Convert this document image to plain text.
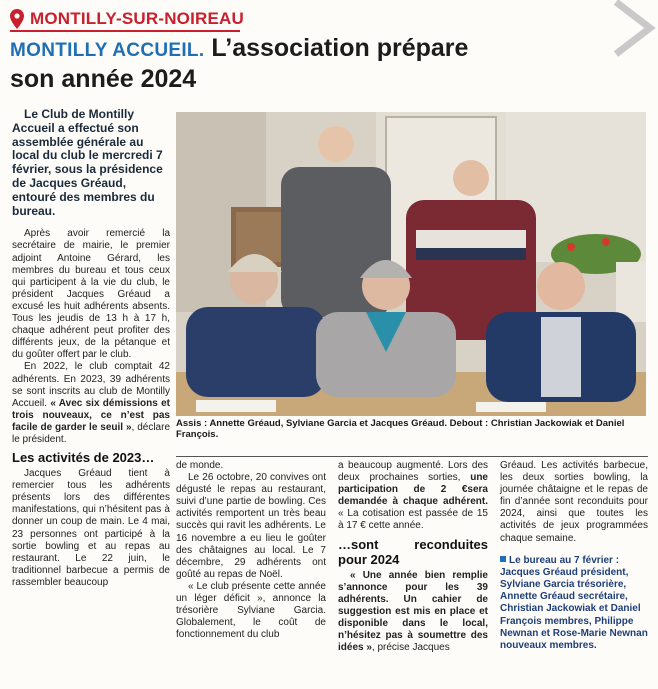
MONTILLY-SUR-NOIREAU
MONTILLY ACCUEIL. L’association prépare
son année 2024

Le Club de Montilly Accueil a effectué son assemblée générale au local du club le mercredi 7 février, sous la présidence de Jacques Gréaud, entouré des membres du bureau.

Après avoir remercié la secrétaire de mairie, le premier adjoint Antoine Gérard, les membres du bureau et tous ceux qui participent à la vie du club, le président Jacques Gréaud a excusé les huit adhérents absents. Tous les jeudis de 13 h à 17 h, chaque adhérent peut profiter des différents jeux, de la pétanque et du goûter offert par le club.

En 2022, le club comptait 42 adhérents. En 2023, 39 adhérents se sont inscrits au club de Montilly Accueil. « Avec six démissions et trois nouveaux, ce n’est pas facile de garder le seuil », déclare le président.

Les activités de 2023…

Jacques Gréaud tient à remercier tous les adhérents présents lors des différentes manifestations, qui n’hésitent pas à donner un coup de main. Le 4 mai, 23 personnes ont participé à la sortie bowling et au repas au restaurant. Le 22 juin, le traditionnel barbecue a permis de rassembler beaucoup

Assis : Annette Gréaud, Sylviane Garcia et Jacques Gréaud. Debout : Christian Jackowiak et Daniel François.

de monde.

Le 26 octobre, 20 convives ont dégusté le repas au restaurant, suivi d’une partie de bowling. Ces activités remportent un très beau succès qui ravit les adhérents. Le 16 novembre a eu lieu le goûter des châtaignes au local. Le 7 décembre, 29 adhérents ont goûté au repas de Noël.

« Le club présente cette année un léger déficit », annonce la trésorière Sylviane Garcia. Globalement, le coût de fonctionnement du club

a beaucoup augmenté. Lors des deux prochaines sorties, une participation de 2 €sera demandée à chaque adhérent. « La cotisation est passée de 15 à 17 € cette année.

…sont reconduites pour 2024

« Une année bien remplie s’annonce pour les 39 adhérents. Un cahier de suggestion est mis en place et disponible dans le local, n’hésitez pas à soumettre des idées », précise Jacques

Gréaud. Les activités barbecue, les deux sorties bowling, la journée châtaigne et le repas de fin d’année sont reconduits pour 2024, ainsi que toutes les activités de jeux programmées chaque semaine.

Le bureau au 7 février : Jacques Gréaud président, Sylviane Garcia trésorière, Annette Gréaud secrétaire, Christian Jackowiak et Daniel François membres, Philippe Newnan et Rose-Marie Newnan nouveaux membres.
